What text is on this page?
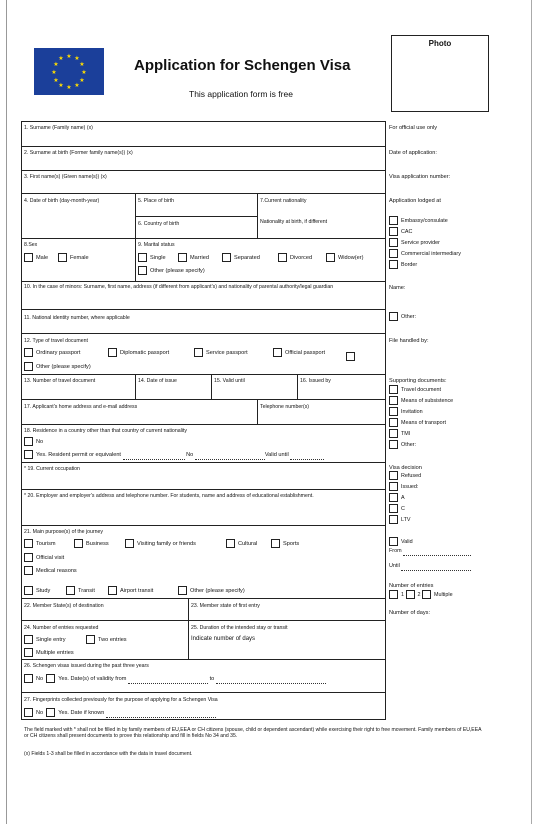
★ ★
★
★
★
★
★
★
★
★
★
★	Application for Schengen Visa
This application form is free
Photo
1. Surname (Family name) (x)
2. Surname at birth (Former family name(s)) (x)
3. First name(s) (Given name(s)) (x)
4. Date of birth (day-month-year)	5. Place of birth
6. Country of birth
7.Current nationality
Nationality at birth, if different
8.Sex
Male	Female
9. Marital status
Single	Married	Separated	Divorced	Widow(er)
Other (please specify)
10. In the case of minors: Surname, first name, address (if different from applicant's) and nationality of parental authority/legal guardian
11. National identity number, where applicable
12. Type of travel document
Ordinary passport	Diplomatic passport	Service passport	Official passport
Other (please specify)
13. Number of travel document	14. Date of issue	15. Valid until	16. Issued by
17. Applicant's home address and e-mail address	Telephone number(s)
18. Residence in a country other than that country of current nationality
No
Yes. Resident permit or equivalent	No	Valid until
* 19. Current occupation
* 20. Employer and employer's address and telephone number. For students, name and address of educational establishment.
21. Main purpose(s) of the journey
Tourism	Business	Visiting family or friends	Cultural	Sports
Official visit
Medical reasons
Study	Transit	Airport transit	Other (please specify)
22. Member State(s) of destination	23. Member state of first entry
24. Number of entries requested
Single entry	Two entries
Multiple entries
25. Duration of the intended stay or transit
Indicate number of days
26. Schengen visas issued during the past three years
No	Yes. Date(s) of validity from	to
27. Fingerprints collected previously for the purpose of applying for a Schengen Visa
No	Yes. Date if known
For official use only
Date of application:
Visa application number:
Application lodged at
Embassy/consulate
CAC
Service provider
Commercial intermediary
Border
Name:
Other:
File handled by:
Supporting documents:
Travel document
Means of subsistence
Invitation
Means of transport
TMI
Other:
Visa decision
Refused
Issued:
A
C
LTV
Valid
From
Until
Number of entries
1	2	Multiple
Number of days:
The field marked with * shall not be filled in by family members of EU,EEA or CH citizens (spouse, child or dependent ascendant) while exercising their right to free movement. Family members of EU,EEA or CH citizens shall present documents to prove this relationship and fill in fields No 34 and 35.
(x) Fields 1-3 shall be filled in accordance with the data in travel document.
